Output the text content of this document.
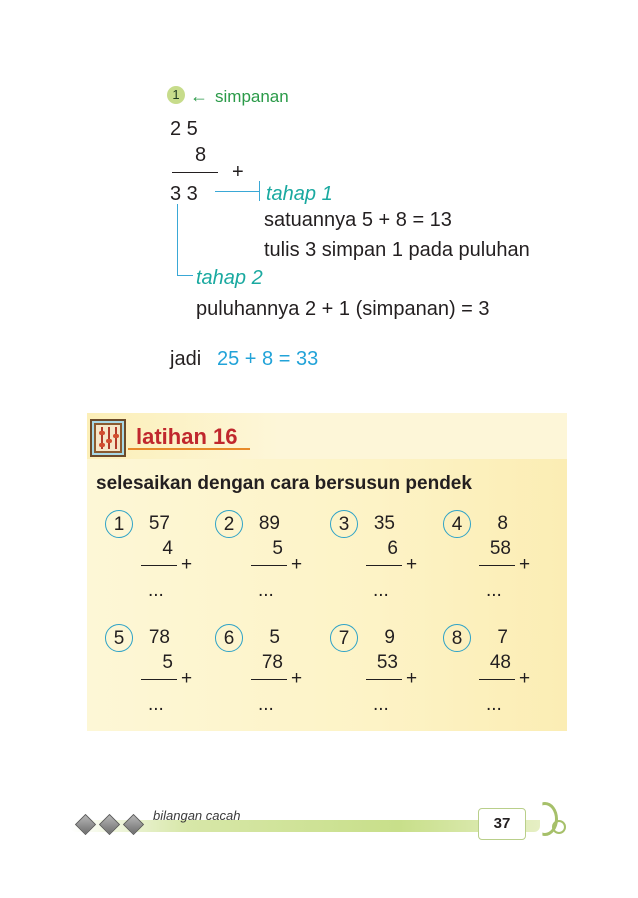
1 ← simpanan
2 5
8
+
3 3	tahap 1
satuannya 5 + 8 = 13
tulis 3 simpan 1 pada puluhan
tahap 2
puluhannya 2 + 1 (simpanan) = 3
jadi 25 + 8 = 33
latihan 16
selesaikan dengan cara bersusun pendek
1	57
4
+
...
2	89
5
+
...
3	35
6
+
...
4	8
58
+
...
5	78
5
+
...
6	5
78
+
...
7	9
53
+
...
8	7
48
+
...
bilangan cacah	37
